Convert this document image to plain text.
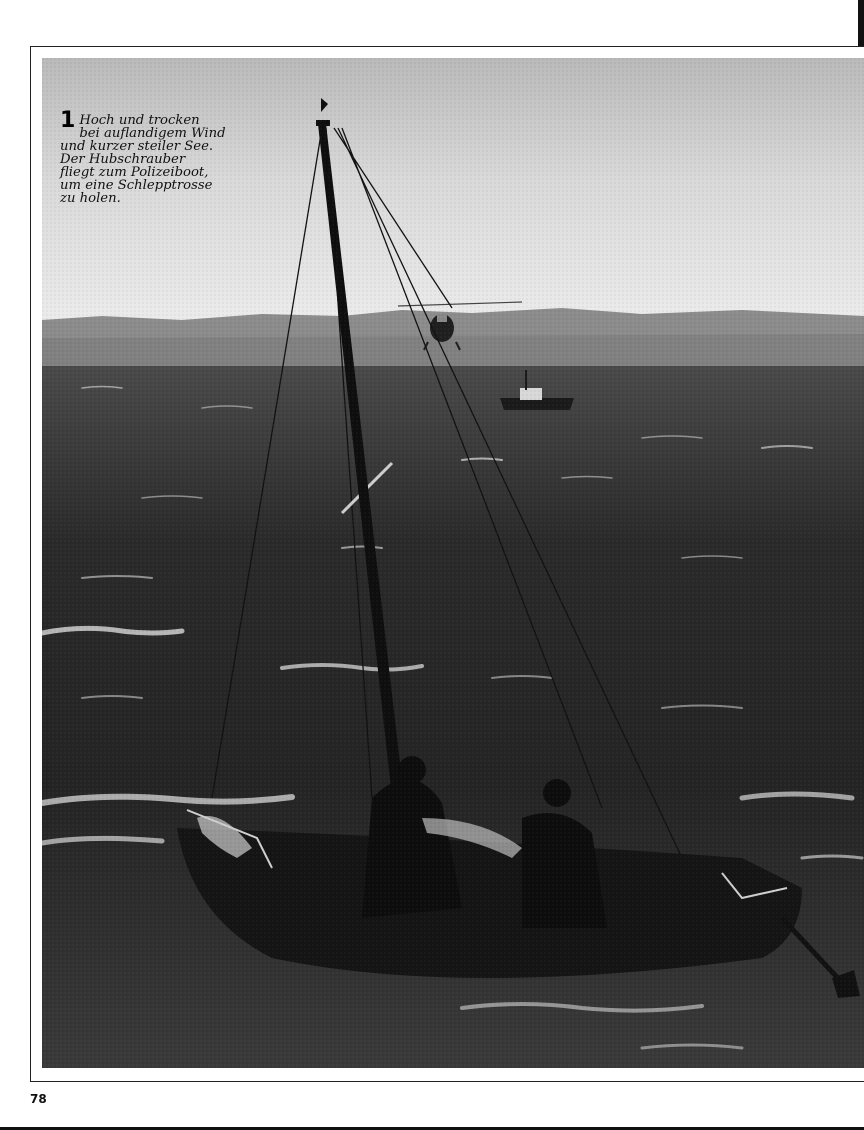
1 Hoch und trocken
bei auflandigem Wind
und kurzer steiler See.
Der Hubschrauber
fliegt zum Polizeiboot,
um eine Schlepptrosse
zu holen.
78
